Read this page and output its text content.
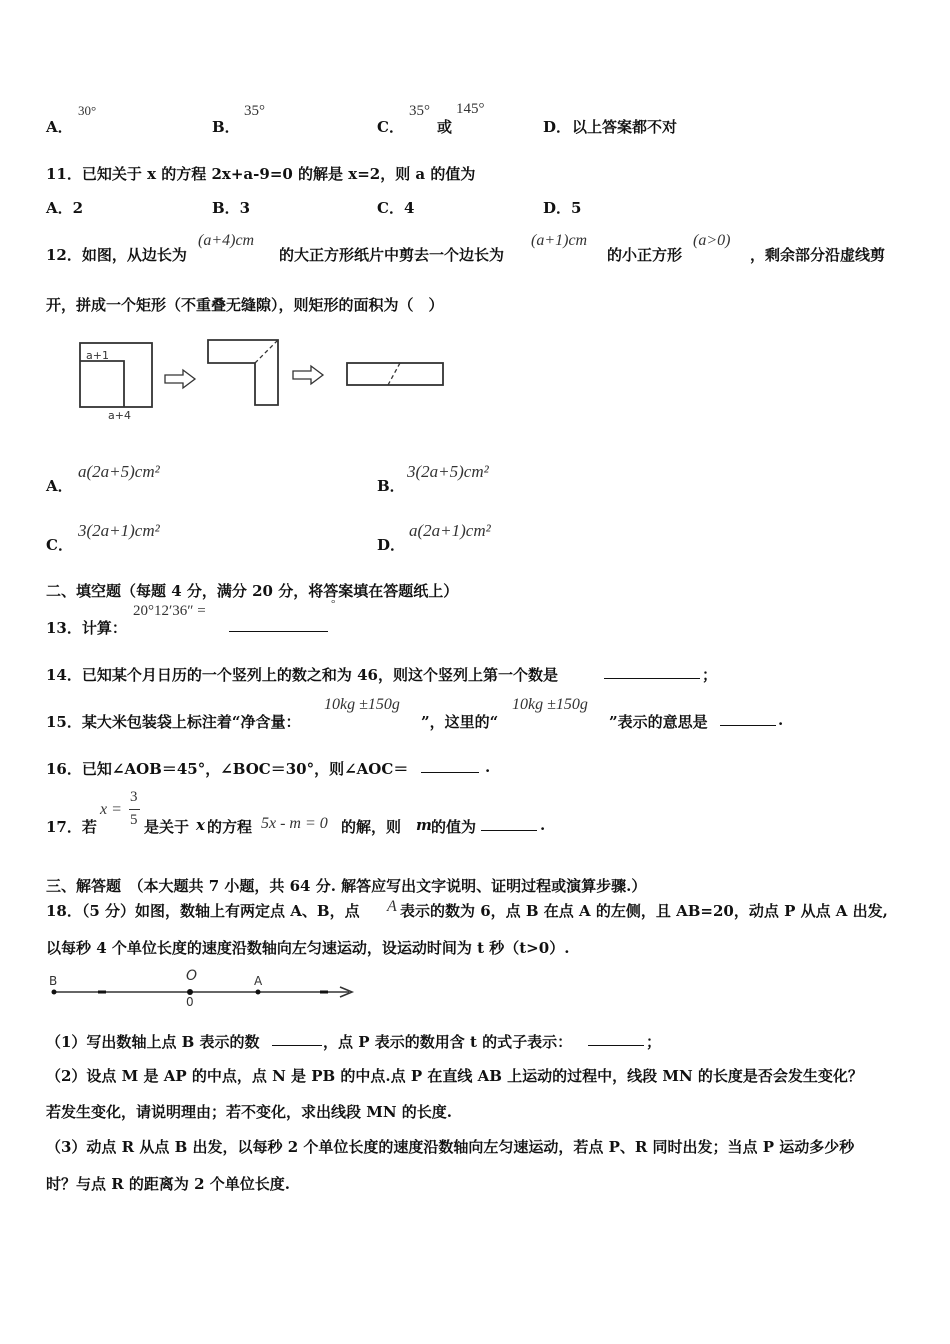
A．
30°
B．
35°
C．
35°
或
145°
D． 以上答案都不对
11．已知关于 x 的方程 2x+a-9=0 的解是 x=2，则 a 的值为
A．2	B．3	C．4	D．5
12．如图，从边长为
(a+4)cm
的大正方形纸片中剪去一个边长为
(a+1)cm
的小正方形
(a>0)
，剩余部分沿虚线剪
开，拼成一个矩形（不重叠无缝隙），则矩形的面积为（　）
a+1
a+4
A．
a(2a+5)cm²
B．
3(2a+5)cm²
C．
3(2a+1)cm²
D．
a(2a+1)cm²
二、填空题（每题 4 分，满分 20 分，将答案填在答题纸上）
13．计算：
20°12′36″ =	°
14．已知某个月日历的一个竖列上的数之和为 46，则这个竖列上第一个数是	；
15．某大米包装袋上标注着“净含量：
10kg ±150g
”，这里的“
10kg ±150g
”表示的意思是	.
16．已知∠AOB＝45°，∠BOC＝30°，则∠AOC＝	.
17．若
x =
3
5 是关于 x 的方程 5x - m = 0 的解，则 m 的值为	.
三、解答题　（本大题共 7 小题，共 64 分. 解答应写出文字说明、证明过程或演算步骤.）
18．（5 分）如图，数轴上有两定点 A、B，点 A 表示的数为 6，点 B 在点 A 的左侧，且 AB=20，动点 P 从点 A 出发,
以每秒 4 个单位长度的速度沿数轴向左匀速运动，设运动时间为 t 秒（t>0）.
B	O
0
A
（1）写出数轴上点 B 表示的数	，点 P 表示的数用含 t 的式子表示：	；
（2）设点 M 是 AP 的中点，点 N 是 PB 的中点.点 P 在直线 AB 上运动的过程中，线段 MN 的长度是否会发生变化？
若发生变化，请说明理由；若不变化，求出线段 MN 的长度.
（3）动点 R 从点 B 出发，以每秒 2 个单位长度的速度沿数轴向左匀速运动，若点 P、R 同时出发；当点 P 运动多少秒
时？与点 R 的距离为 2 个单位长度.
